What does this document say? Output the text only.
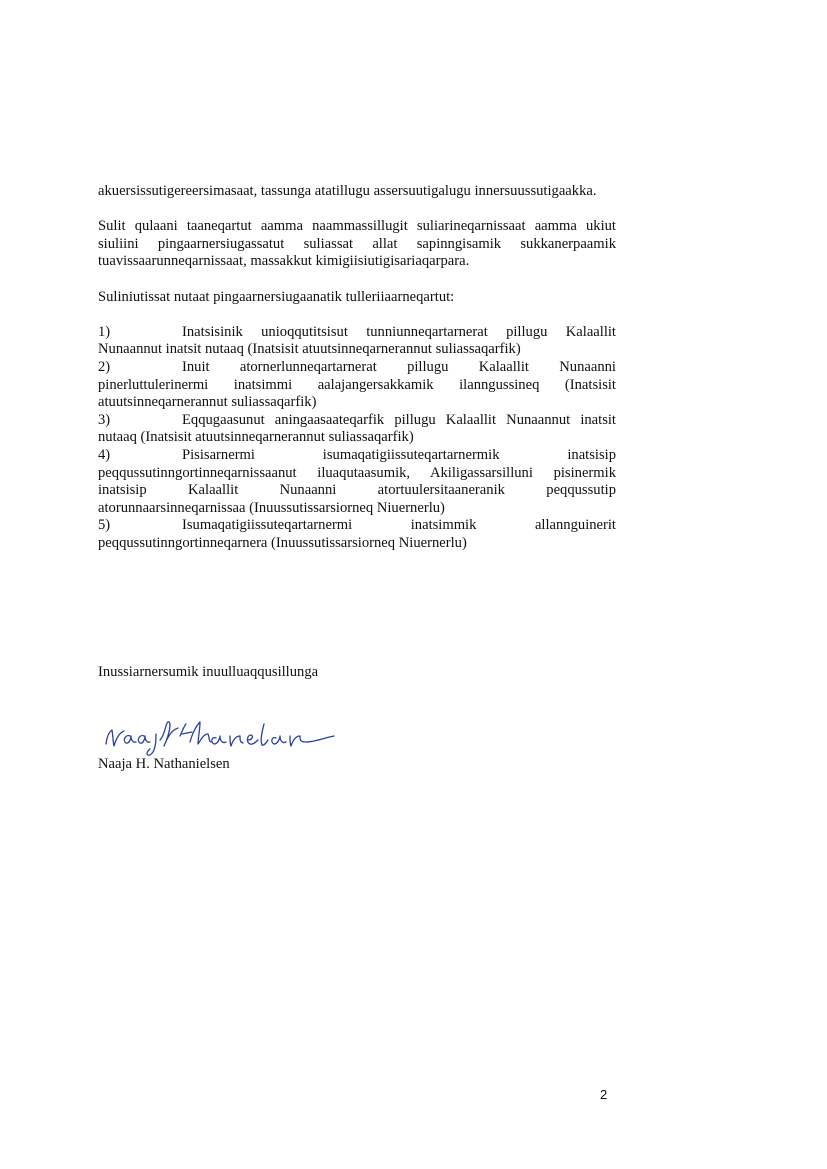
akuersissutigereersimasaat, tassunga atatillugu assersuutigalugu innersuussutigaakka.

Sulit qulaani taaneqartut aamma naammassillugit suliarineqarnissaat aamma ukiut siuliini pingaarnersiugassatut suliassat allat sapinngisamik sukkanerpaamik tuavissaarunneqarnissaat, massakkut kimigiisiutigisariaqarpara.

Suliniutissat nutaat pingaarnersiugaanatik tulleriiaarneqartut:

1)	Inatsisinik unioqqutitsisut tunniunneqartarnerat pillugu Kalaallit Nunaannut inatsit nutaaq (Inatsisit atuutsinneqarnerannut suliassaqarfik)

2)	Inuit atornerlunneqartarnerat pillugu Kalaallit Nunaanni pinerluttulerinermi inatsimmi aalajangersakkamik ilanngussineq (Inatsisit atuutsinneqarnerannut suliassaqarfik)

3)	Eqqugaasunut aningaasaateqarfik pillugu Kalaallit Nunaannut inatsit nutaaq (Inatsisit atuutsinneqarnerannut suliassaqarfik)

4)	Pisisarnermi isumaqatigiissuteqartarnermik inatsisip peqqussutinngortinneqarnissaanut iluaqutaasumik, Akiligassarsilluni pisinermik inatsisip Kalaallit Nunaanni atortuulersitaaneranik peqqussutip atorunnaarsinneqarnissaa (Inuussutissarsiorneq Niuernerlu)

5)	Isumaqatigiissuteqartarnermi inatsimmik allannguinerit peqqussutinngortinneqarnera (Inuussutissarsiorneq Niuernerlu)

Inussiarnersumik inuulluaqqusillunga

Naaja H. Nathanielsen

2
